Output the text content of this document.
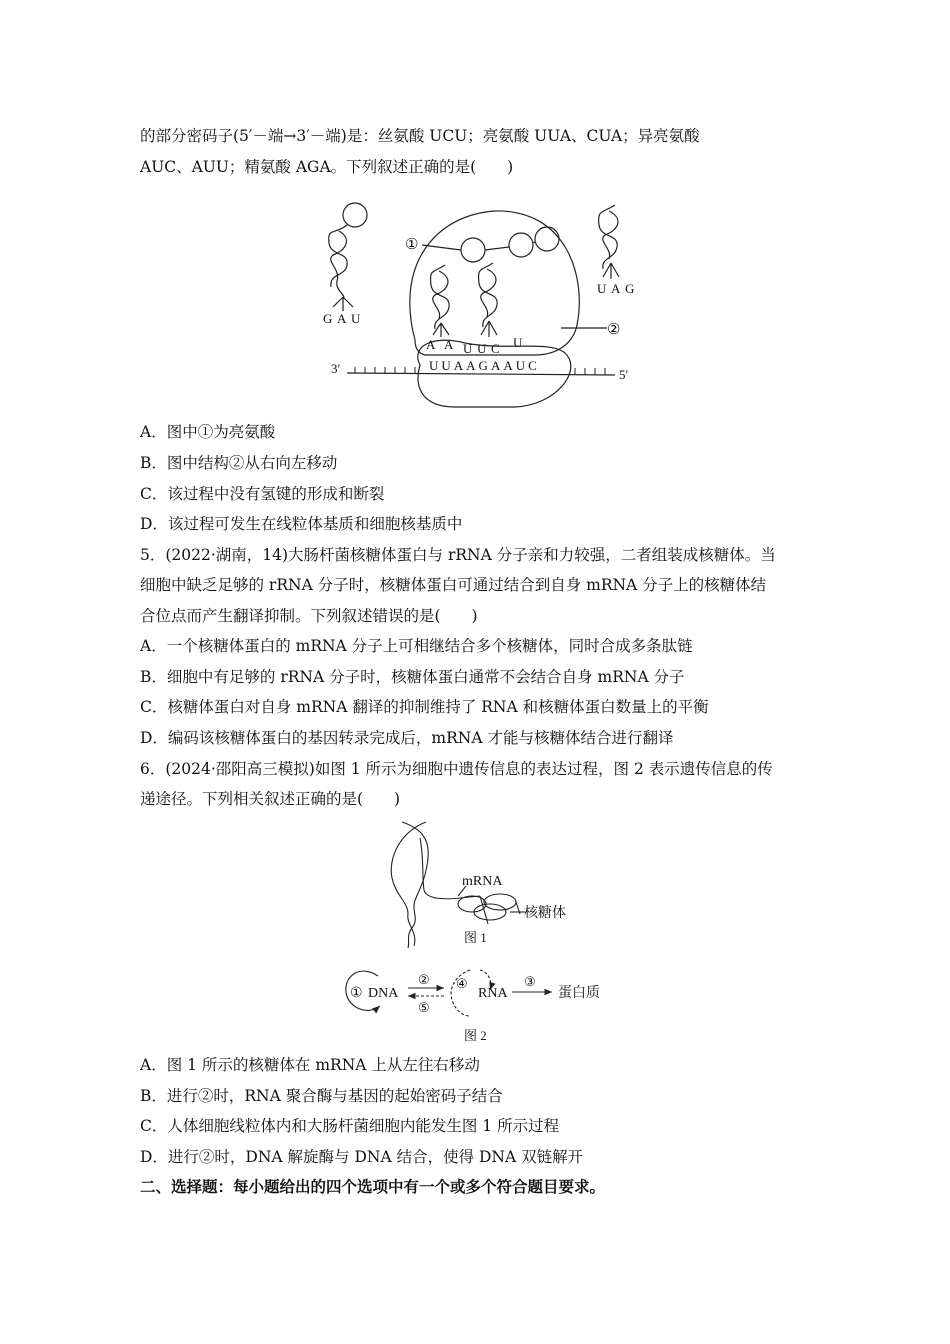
的部分密码子(5′－端→3′－端)是：丝氨酸 UCU；亮氨酸 UUA、CUA；异亮氨酸
AUC、AUU；精氨酸 AGA。下列叙述正确的是(　　)
①
②
G A U
U A G
A A U U C U
UUAAGAAUC
3′	5′
A．图中①为亮氨酸
B．图中结构②从右向左移动
C．该过程中没有氢键的形成和断裂
D．该过程可发生在线粒体基质和细胞核基质中
5．(2022·湖南，14)大肠杆菌核糖体蛋白与 rRNA 分子亲和力较强，二者组装成核糖体。当
细胞中缺乏足够的 rRNA 分子时，核糖体蛋白可通过结合到自身 mRNA 分子上的核糖体结
合位点而产生翻译抑制。下列叙述错误的是(　　)
A．一个核糖体蛋白的 mRNA 分子上可相继结合多个核糖体，同时合成多条肽链
B．细胞中有足够的 rRNA 分子时，核糖体蛋白通常不会结合自身 mRNA 分子
C．核糖体蛋白对自身 mRNA 翻译的抑制维持了 RNA 和核糖体蛋白数量上的平衡
D．编码该核糖体蛋白的基因转录完成后，mRNA 才能与核糖体结合进行翻译
6．(2024·邵阳高三模拟)如图 1 所示为细胞中遗传信息的表达过程，图 2 表示遗传信息的传
递途径。下列相关叙述正确的是(　　)
mRNA
核糖体
图 1
① DNA
②
⑤
④
RNA
③
蛋白质
图 2
A．图 1 所示的核糖体在 mRNA 上从左往右移动
B．进行②时，RNA 聚合酶与基因的起始密码子结合
C．人体细胞线粒体内和大肠杆菌细胞内能发生图 1 所示过程
D．进行②时，DNA 解旋酶与 DNA 结合，使得 DNA 双链解开
二、选择题：每小题给出的四个选项中有一个或多个符合题目要求。
